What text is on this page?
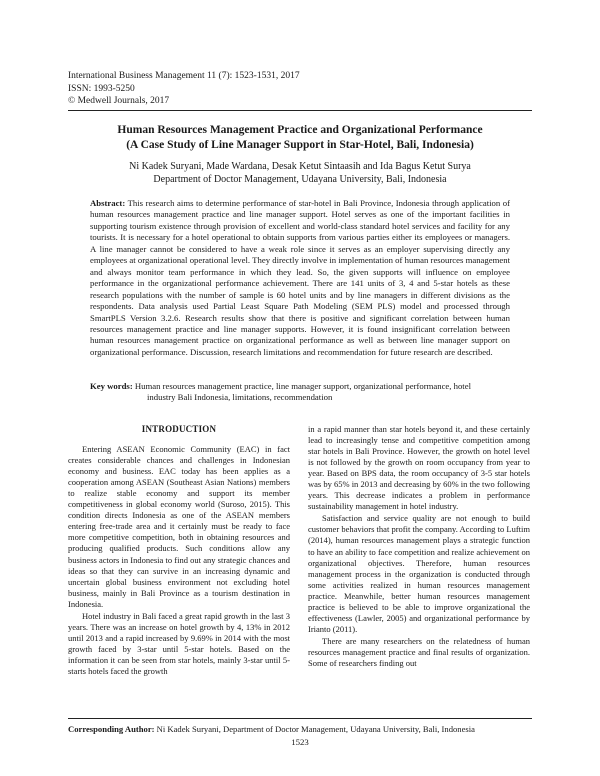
International Business Management 11 (7): 1523-1531, 2017
ISSN: 1993-5250
© Medwell Journals, 2017
Human Resources Management Practice and Organizational Performance
(A Case Study of Line Manager Support in Star-Hotel, Bali, Indonesia)
Ni Kadek Suryani, Made Wardana, Desak Ketut Sintaasih and Ida Bagus Ketut Surya
Department of Doctor Management, Udayana University, Bali, Indonesia
Abstract: This research aims to determine performance of star-hotel in Bali Province, Indonesia through application of human resources management practice and line manager support. Hotel serves as one of the important facilities in supporting tourism existence through provision of excellent and world-class standard hotel services and facility for any tourists. It is necessary for a hotel operational to obtain supports from various parties either its employees or managers. A line manager cannot be considered to have a weak role since it serves as an employer supervising directly any employees at organizational operational level. They directly involve in implementation of human resources management and always monitor team performance in which they lead. So, the given supports will influence on employee performance in the organizational performance achievement. There are 141 units of 3, 4 and 5-star hotels as these research populations with the number of sample is 60 hotel units and by line managers in different divisions as the respondents. Data analysis used Partial Least Square Path Modeling (SEM PLS) model and processed through SmartPLS Version 3.2.6. Research results show that there is positive and significant correlation between human resources management practice and line manager supports. However, it is found insignificant correlation between human resources management practice on organizational performance as well as between line manager support on organizational performance. Discussion, research limitations and recommendation for future research are described.
Key words: Human resources management practice, line manager support, organizational performance, hotel
industry Bali Indonesia, limitations, recommendation
INTRODUCTION

Entering ASEAN Economic Community (EAC) in fact creates considerable chances and challenges in Indonesian economy and business. EAC today has been applies as a cooperation among ASEAN (Southeast Asian Nations) members to realize stable economy and support its member competitiveness in global economy world (Suroso, 2015). This condition directs Indonesia as one of the ASEAN members entering free-trade area and it certainly must be ready to face more competitive competition, both in obtaining resources and producing qualified products. Such conditions allow any business actors in Indonesia to find out any strategic chances and ideas so that they can survive in an increasing dynamic and uncertain global business environment not excluding hotel business, mainly in Bali Province as a tourism destination in Indonesia.

Hotel industry in Bali faced a great rapid growth in the last 3 years. There was an increase on hotel growth by 4, 13% in 2012 until 2013 and a rapid increased by 9.69% in 2014 with the most growth faced by 3-star until 5-star hotels. Based on the information it can be seen from star hotels, mainly 3-star until 5-starts hotels faced the growth

in a rapid manner than star hotels beyond it, and these certainly lead to increasingly tense and competitive competition among star hotels in Bali Province. However, the growth on hotel level is not followed by the growth on room occupancy from year to year. Based on BPS data, the room occupancy of 3-5 star hotels was by 65% in 2013 and decreasing by 60% in the two following years. This decrease indicates a problem in performance sustainability management in hotel industry.

Satisfaction and service quality are not enough to build customer behaviors that profit the company. According to Luftim (2014), human resources management plays a strategic function to have an ability to face competition and realize achievement on organizational objectives. Therefore, human resources management process in the organization is conducted through some activities realized in human resources management practice. Meanwhile, better human resources management practice is believed to be able to improve organizational the effectiveness (Lawler, 2005) and organizational performance by Irianto (2011).

There are many researchers on the relatedness of human resources management practice and final results of organization. Some of researchers finding out

Corresponding Author: Ni Kadek Suryani, Department of Doctor Management, Udayana University, Bali, Indonesia
1523
